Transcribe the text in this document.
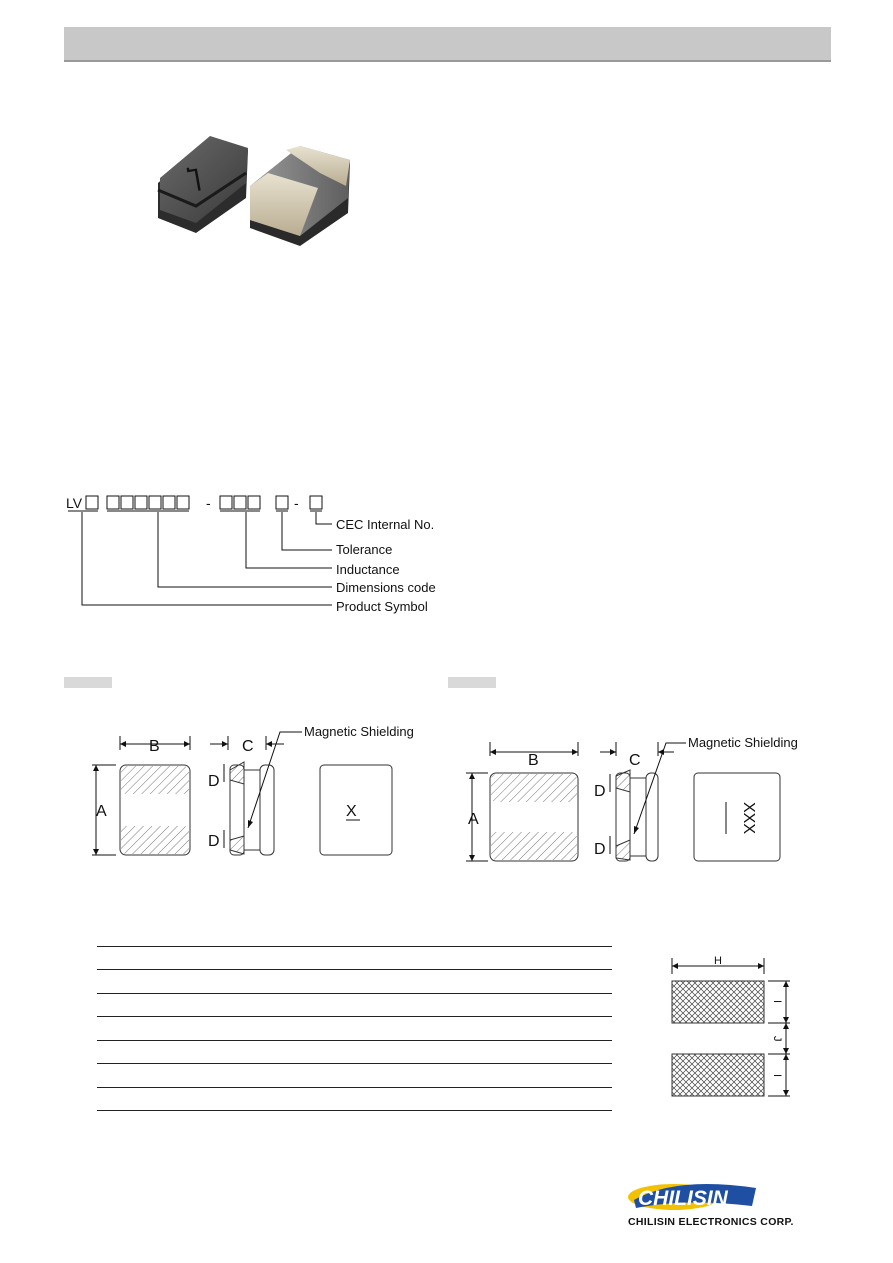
Ⴈ
LV	-	-
CEC Internal No.
Tolerance
Inductance
Dimensions code
Product Symbol
B
A
C
D
D
Magnetic Shielding
X
B
A
C
D
D
Magnetic Shielding
XXX
H
I
J
I
CHILISIN
CHILISIN ELECTRONICS CORP.
